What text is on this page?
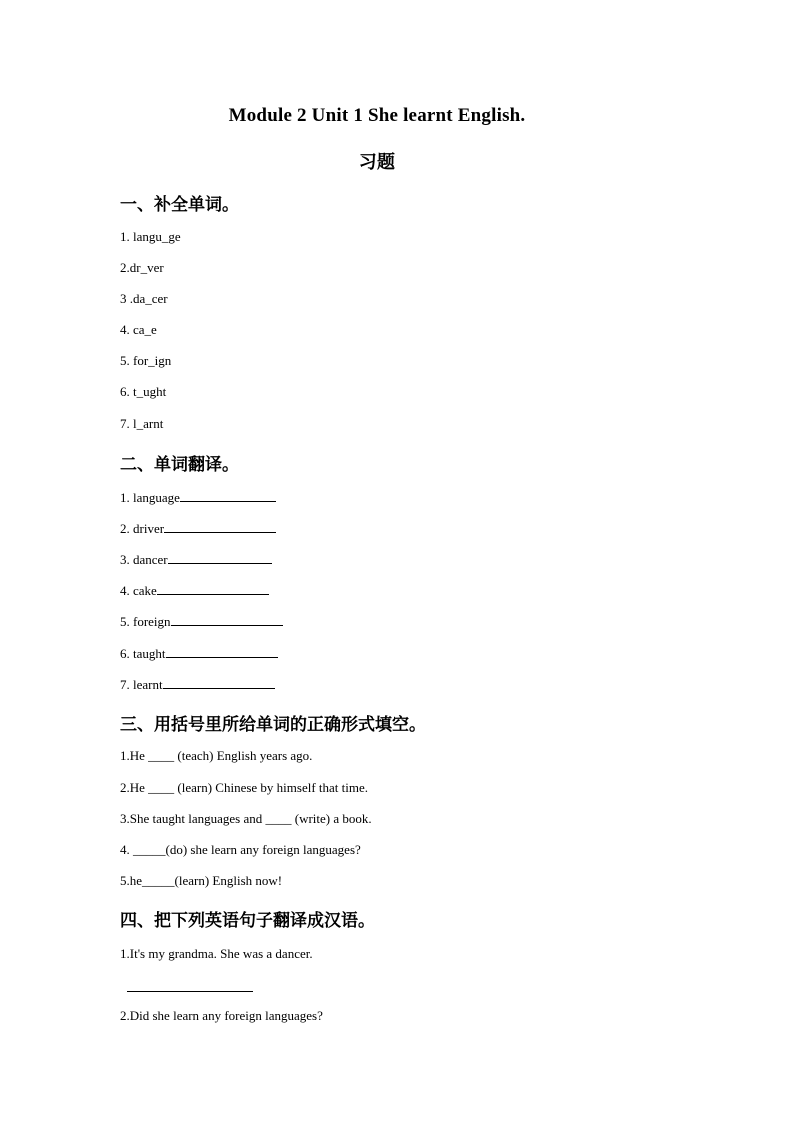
Module 2 Unit 1 She learnt English.
习题
一、补全单词。
1. langu_ge
2.dr_ver
3 .da_cer
4. ca_e
5. for_ign
6. t_ught
7. l_arnt
二、单词翻译。
1. language
2. driver
3. dancer
4. cake
5. foreign
6. taught
7. learnt
三、用括号里所给单词的正确形式填空。
1.He ____ (teach) English years ago.
2.He ____ (learn) Chinese by himself that time.
3.She taught languages and ____ (write) a book.
4. _____(do) she learn any foreign languages?
5.he_____(learn) English now!
四、把下列英语句子翻译成汉语。
1.It's my grandma. She was a dancer.
2.Did she learn any foreign languages?
